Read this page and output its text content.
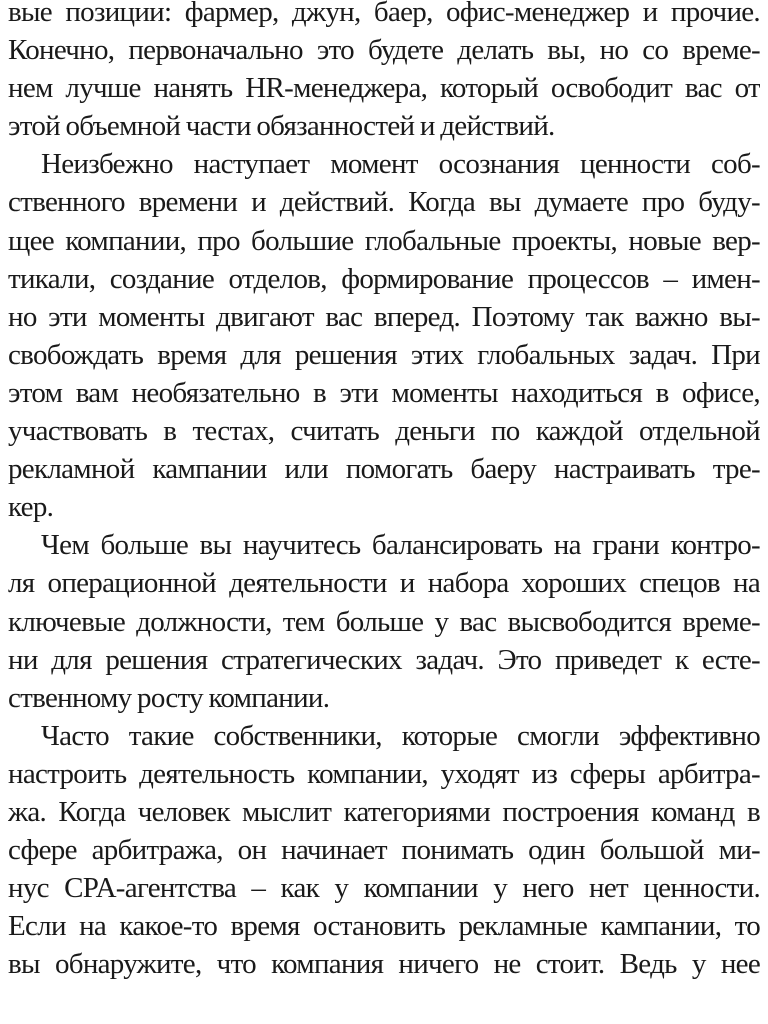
вые позиции: фармер, джун, баер, офис-менеджер и прочие.
Конечно, первоначально это будете делать вы, но со време-
нем лучше нанять HR-менеджера, который освободит вас от
этой объемной части обязанностей и действий.
Неизбежно наступает момент осознания ценности соб-
ственного времени и действий. Когда вы думаете про буду-
щее компании, про большие глобальные проекты, новые вер-
тикали, создание отделов, формирование процессов – имен-
но эти моменты двигают вас вперед. Поэтому так важно вы-
свобождать время для решения этих глобальных задач. При
этом вам необязательно в эти моменты находиться в офисе,
участвовать в тестах, считать деньги по каждой отдельной
рекламной кампании или помогать баеру настраивать тре-
кер.
Чем больше вы научитесь балансировать на грани контро-
ля операционной деятельности и набора хороших спецов на
ключевые должности, тем больше у вас высвободится време-
ни для решения стратегических задач. Это приведет к есте-
ственному росту компании.
Часто такие собственники, которые смогли эффективно
настроить деятельность компании, уходят из сферы арбитра-
жа. Когда человек мыслит категориями построения команд в
сфере арбитража, он начинает понимать один большой ми-
нус CPA-агентства – как у компании у него нет ценности.
Если на какое-то время остановить рекламные кампании, то
вы обнаружите, что компания ничего не стоит. Ведь у нее
